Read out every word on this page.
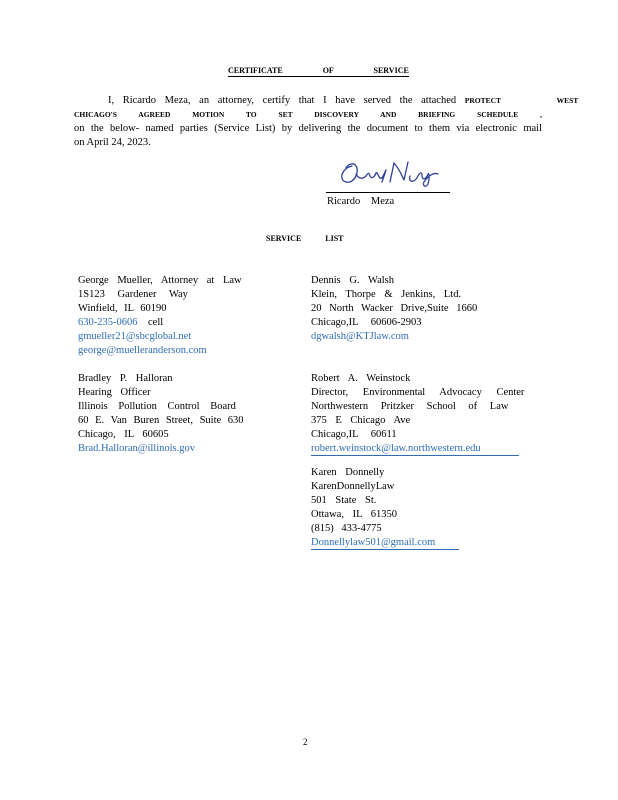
CERTIFICATE	OF SERVICE
I, Ricardo Meza, an attorney, certify that I have served the attached PROTECT WEST
CHICAGO'S AGREED MOTION TO SET DISCOVERY AND BRIEFING SCHEDULE ,
on the below- named parties (Service List) by delivering the document to them via electronic mail
on April 24, 2023.
Ricardo Meza
SERVICE LIST
George Mueller, Attorney at Law
1S123 Gardener Way
Winfield, IL 60190
630-235-0606 cell
gmueller21@sbcglobal.net
george@muelleranderson.com
Bradley P. Halloran
Hearing Officer
Illinois Pollution Control Board
60 E. Van Buren Street, Suite 630
Chicago, IL 60605
Brad.Halloran@illinois.gov
Dennis G. Walsh
Klein, Thorpe & Jenkins, Ltd.
20 North Wacker Drive,Suite 1660
Chicago,IL 60606-2903
dgwalsh@KTJlaw.com
Robert A. Weinstock
Director, Environmental Advocacy Center
Northwestern Pritzker School of Law
375 E Chicago Ave
Chicago,IL 60611
robert.weinstock@law.northwestern.edu
Karen Donnelly
KarenDonnellyLaw
501 State St.
Ottawa, IL 61350
(815) 433-4775
Donnellylaw501@gmail.com
2
